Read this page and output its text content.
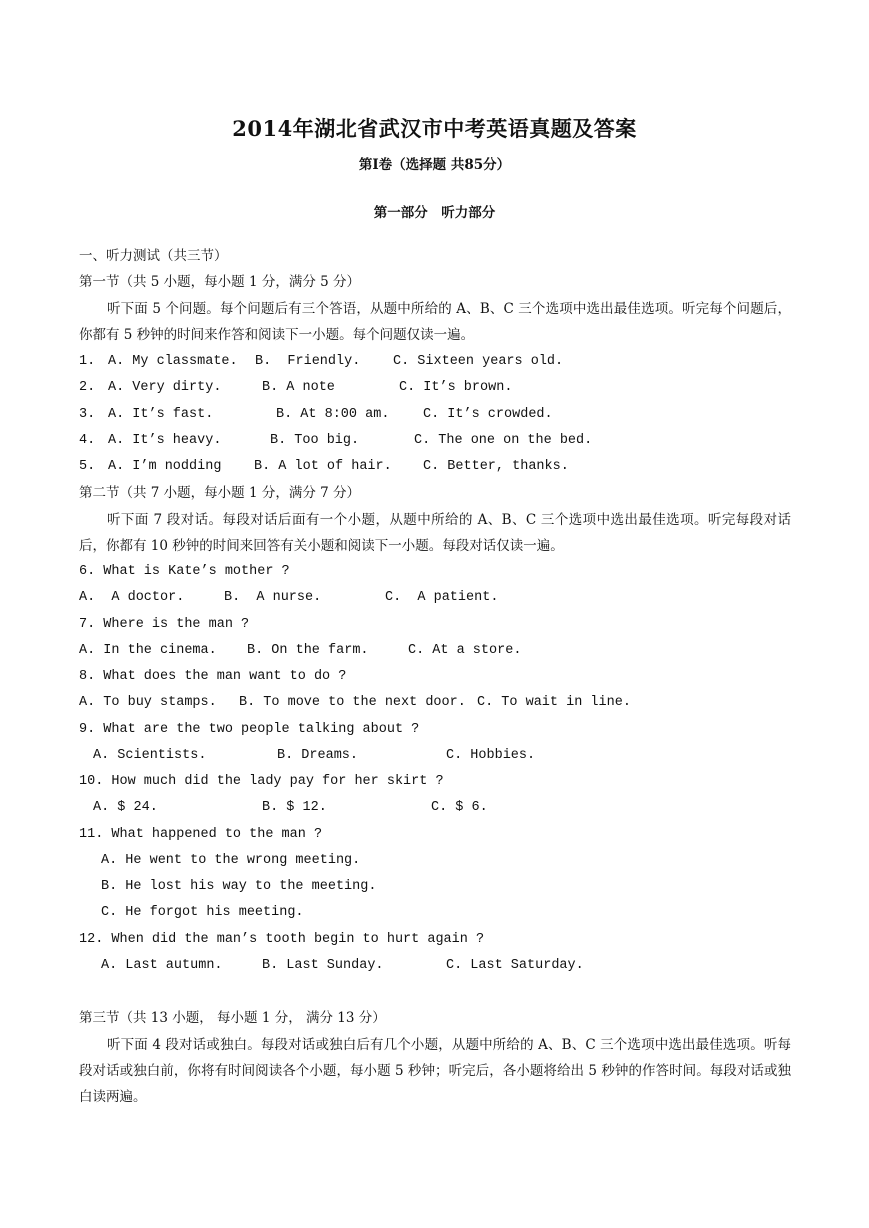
2014年湖北省武汉市中考英语真题及答案
第Ⅰ卷（选择题 共85分）
第一部分　听力部分
一、听力测试（共三节）
第一节（共 5 小题，每小题 1 分，满分 5 分）
听下面 5 个问题。每个问题后有三个答语，从题中所给的 A、B、C 三个选项中选出最佳选项。听完每个问题后，你都有 5 秒钟的时间来作答和阅读下一小题。每个问题仅读一遍。
1. A. My classmate. B.  Friendly. C. Sixteen years old.
2. A. Very dirty.	B. A note	C. It’s brown.
3. A. It’s fast.	B. At 8:00 am. C. It’s crowded.
4. A. It’s heavy.	B. Too big.	C. The one on the bed.
5. A. I’m nodding B. A lot of hair. C. Better, thanks.
第二节（共 7 小题，每小题 1 分，满分 7 分）
听下面 7 段对话。每段对话后面有一个小题，从题中所给的 A、B、C 三个选项中选出最佳选项。听完每段对话后，你都有 10 秒钟的时间来回答有关小题和阅读下一小题。每段对话仅读一遍。
6. What is Kate’s mother ?
A.  A doctor.	B.  A nurse.	C.  A patient.
7. Where is the man ?
A. In the cinema. B. On the farm.	C. At a store.
8. What does the man want to do ?
A. To buy stamps. B. To move to the next door. C. To wait in line.
9. What are the two people talking about ?
A. Scientists.	B. Dreams.	C. Hobbies.
10. How much did the lady pay for her skirt ?
A. $ 24.	B. $ 12.	C. $ 6.
11. What happened to the man ?
A. He went to the wrong meeting.
B. He lost his way to the meeting.
C. He forgot his meeting.
12. When did the man’s tooth begin to hurt again ?
A. Last autumn.	B. Last Sunday.	C. Last Saturday.
第三节（共 13 小题， 每小题 1 分， 满分 13 分）
听下面 4 段对话或独白。每段对话或独白后有几个小题，从题中所给的 A、B、C 三个选项中选出最佳选项。听每段对话或独白前，你将有时间阅读各个小题，每小题 5 秒钟；听完后，各小题将给出 5 秒钟的作答时间。每段对话或独白读两遍。
